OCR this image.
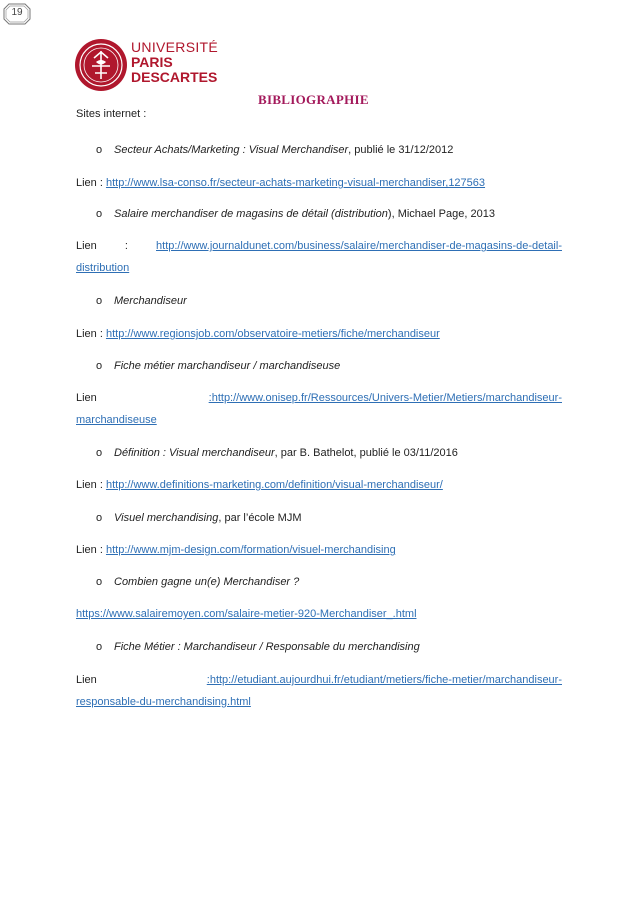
19
UNIVERSITÉ
PARIS
DESCARTES
BIBLIOGRAPHIE
Sites internet :
o Secteur Achats/Marketing : Visual Merchandiser, publié le 31/12/2012
Lien : http://www.lsa-conso.fr/secteur-achats-marketing-visual-merchandiser,127563
o Salaire merchandiser de magasins de détail (distribution), Michael Page, 2013
Lien	:	http://www.journaldunet.com/business/salaire/merchandiser-de-magasins-de-detail-
distribution
o Merchandiseur
Lien : http://www.regionsjob.com/observatoire-metiers/fiche/merchandiseur
o Fiche métier marchandiseur / marchandiseuse
Lien	:http://www.onisep.fr/Ressources/Univers-Metier/Metiers/marchandiseur-
marchandiseuse
o Définition : Visual merchandiseur, par B. Bathelot, publié le 03/11/2016
Lien : http://www.definitions-marketing.com/definition/visual-merchandiseur/
o Visuel merchandising, par l’école MJM
Lien : http://www.mjm-design.com/formation/visuel-merchandising
o Combien gagne un(e) Merchandiser ?
https://www.salairemoyen.com/salaire-metier-920-Merchandiser_.html
o Fiche Métier : Marchandiseur / Responsable du merchandising
Lien	:http://etudiant.aujourdhui.fr/etudiant/metiers/fiche-metier/marchandiseur-
responsable-du-merchandising.html
